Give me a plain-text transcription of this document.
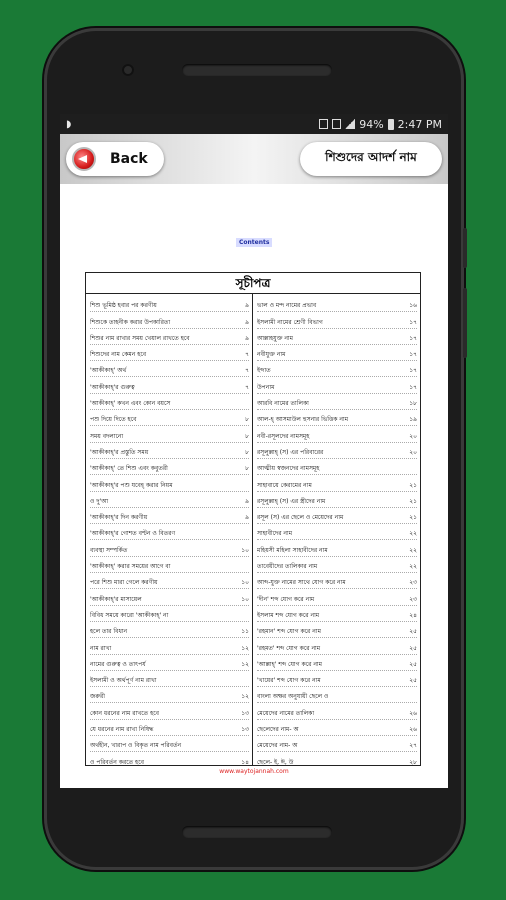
◗	94% 2:47 PM
Back	শিশুদের আদর্শ নাম
Contents
সূচীপত্র
শিশু ভূমিষ্ঠ হবার পর করণীয়	৯
শিশুকে তাহনীক করার উপকারিতা	৯
শিশুর নাম রাখার সময় খেয়াল রাখতে হবে	৯
শিশুদের নাম কেমন হবে	৭
'আকীকাহ্' অর্থ	৭
'আকীকাহ্'র গুরুত্ব	৭
'আকীকাহ্' কখন এবং কোন বয়সে
পশু দিয়ে দিতে হবে	৮
সময় বদলানো	৮
'আকীকাহ্'র প্রস্তুতি সময়	৮
'আকীকাহ্' তে শিশু এবং কবুতরী	৮
'আকীকাহ্'র পশু যবেহ্ করার নিয়ম
ও দু'আ	৯
'আকীকাহ্'র দিন করণীয়	৯
'আকীকাহ্'র গোশত বণ্টন ও বিতরণ
ব্যবস্থা সম্পর্কিত	১০
'আকীকাহ্' করার সময়ের আগে বা
পরে শিশু মারা গেলে করণীয়	১০
'আকীকাহ্'র মাসায়েল	১০
বিবিধ সময়ে কারো 'আকীকাহ্' না
হলে তার বিধান	১১
নাম রাখা	১২
নামের গুরুত্ব ও তাৎপর্য	১২
ইসলামী ও অর্থপূর্ণ নাম রাখা
জরুরী	১২
কোন ধরনের নাম রাখতে হবে	১৩
যে ধরনের নাম রাখা নিষিদ্ধ	১৩
অর্থহীন, খারাপ ও বিকৃত নাম পরিবর্তন
ও পরিবর্তন করতে হবে	১৪
ভাল ও মন্দ নামের প্রভাব	১৬
ইসলামী নামের শ্রেণী বিভাগ	১৭
আল্লাহযুক্ত নাম	১৭
নবীযুক্ত নাম	১৭
ইব্দাত	১৭
উপনাম	১৭
আরবি নামের তালিকা	১৮
আল-হ্ আসমাউল হুসনার ভিত্তিক নাম	১৯
নবী-রসূলদের নামসমূহ	২০
রসূলুল্লাহ্ (স) এর পরিবারের	২০
আত্মীয় স্বজনদের নামসমূহ
সাহাবায়ে কেরামের নাম	২১
রসূলুল্লাহ্ (স) এর স্ত্রীদের নাম	২১
রসূল (স) এর ছেলে ও মেয়েদের নাম	২১
সাহাবীদের নাম	২২
মহিয়সী মহিলা সাহাবীদের নাম	২২
তাবেয়ীদের তালিকার নাম	২২
আব্দ-যুক্ত নামের সাথে যোগ করে নাম	২৩
'দীন' শব্দ যোগ করে নাম	২৩
ইসলাম শব্দ যোগ করে নাম	২৪
'রহমান' শব্দ যোগ করে নাম	২৫
'রহমত' শব্দ যোগ করে নাম	২৫
'আল্লাহ্' শব্দ যোগ করে নাম	২৫
'খায়ের' শব্দ যোগ করে নাম	২৫
বাংলা অক্ষর অনুযায়ী ছেলে ও
মেয়েদের নামের তালিকা	২৬
ছেলেদের নাম- অ	২৬
মেয়েদের নাম- অ	২৭
ছেলে- ই, ঈ, উ	২৮
www.waytojannah.com
